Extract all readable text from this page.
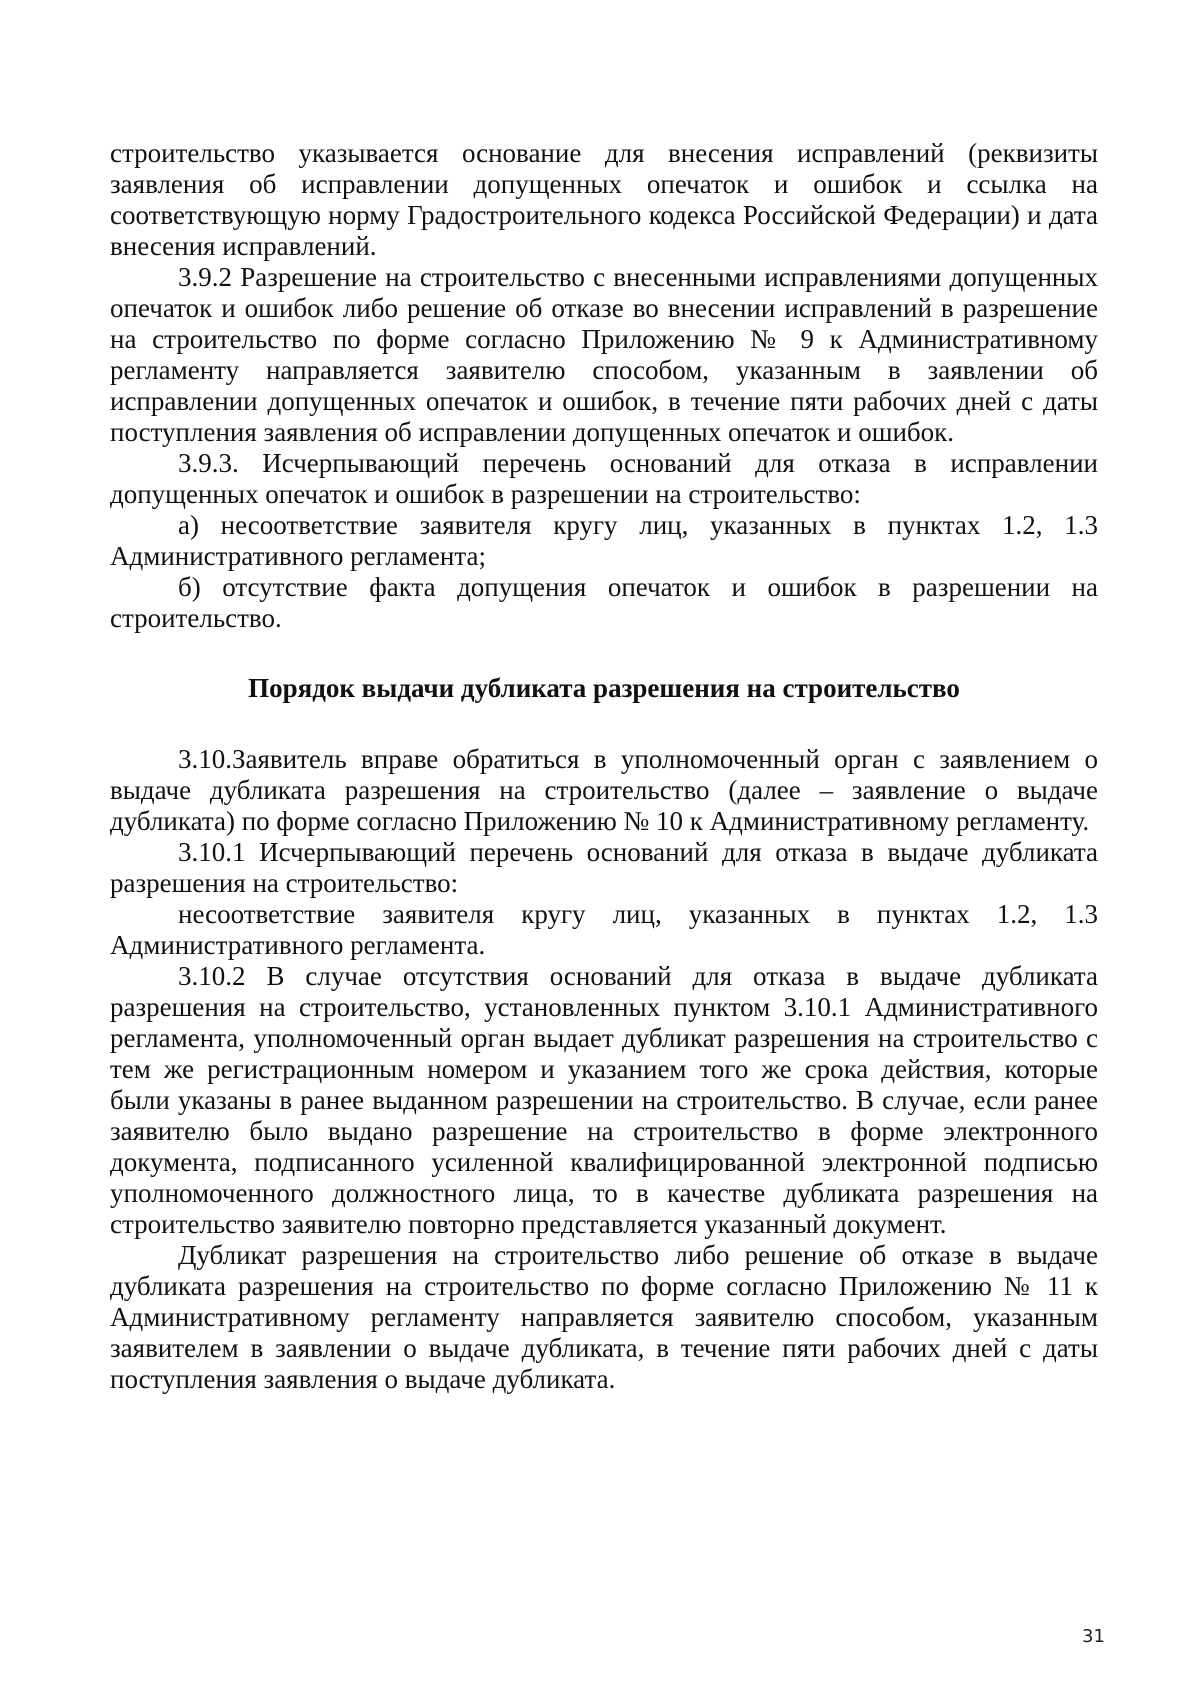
строительство указывается основание для внесения исправлений (реквизиты заявления об исправлении допущенных опечаток и ошибок и ссылка на соответствующую норму Градостроительного кодекса Российской Федерации) и дата внесения исправлений.

3.9.2 Разрешение на строительство с внесенными исправлениями допущенных опечаток и ошибок либо решение об отказе во внесении исправлений в разрешение на строительство по форме согласно Приложению № 9 к Административному регламенту направляется заявителю способом, указанным в заявлении об исправлении допущенных опечаток и ошибок, в течение пяти рабочих дней с даты поступления заявления об исправлении допущенных опечаток и ошибок.

3.9.3. Исчерпывающий перечень оснований для отказа в исправлении допущенных опечаток и ошибок в разрешении на строительство:

а) несоответствие заявителя кругу лиц, указанных в пунктах 1.2, 1.3 Административного регламента;

б) отсутствие факта допущения опечаток и ошибок в разрешении на строительство.

Порядок выдачи дубликата разрешения на строительство

3.10.Заявитель вправе обратиться в уполномоченный орган с заявлением о выдаче дубликата разрешения на строительство (далее – заявление о выдаче дубликата) по форме согласно Приложению № 10 к Административному регламенту.

3.10.1 Исчерпывающий перечень оснований для отказа в выдаче дубликата разрешения на строительство:

несоответствие заявителя кругу лиц, указанных в пунктах 1.2, 1.3 Административного регламента.

3.10.2 В случае отсутствия оснований для отказа в выдаче дубликата разрешения на строительство, установленных пунктом 3.10.1 Административного регламента, уполномоченный орган выдает дубликат разрешения на строительство с тем же регистрационным номером и указанием того же срока действия, которые были указаны в ранее выданном разрешении на строительство. В случае, если ранее заявителю было выдано разрешение на строительство в форме электронного документа, подписанного усиленной квалифицированной электронной подписью уполномоченного должностного лица, то в качестве дубликата разрешения на строительство заявителю повторно представляется указанный документ.

Дубликат разрешения на строительство либо решение об отказе в выдаче дубликата разрешения на строительство по форме согласно Приложению № 11 к Административному регламенту направляется заявителю способом, указанным заявителем в заявлении о выдаче дубликата, в течение пяти рабочих дней с даты поступления заявления о выдаче дубликата.

31
